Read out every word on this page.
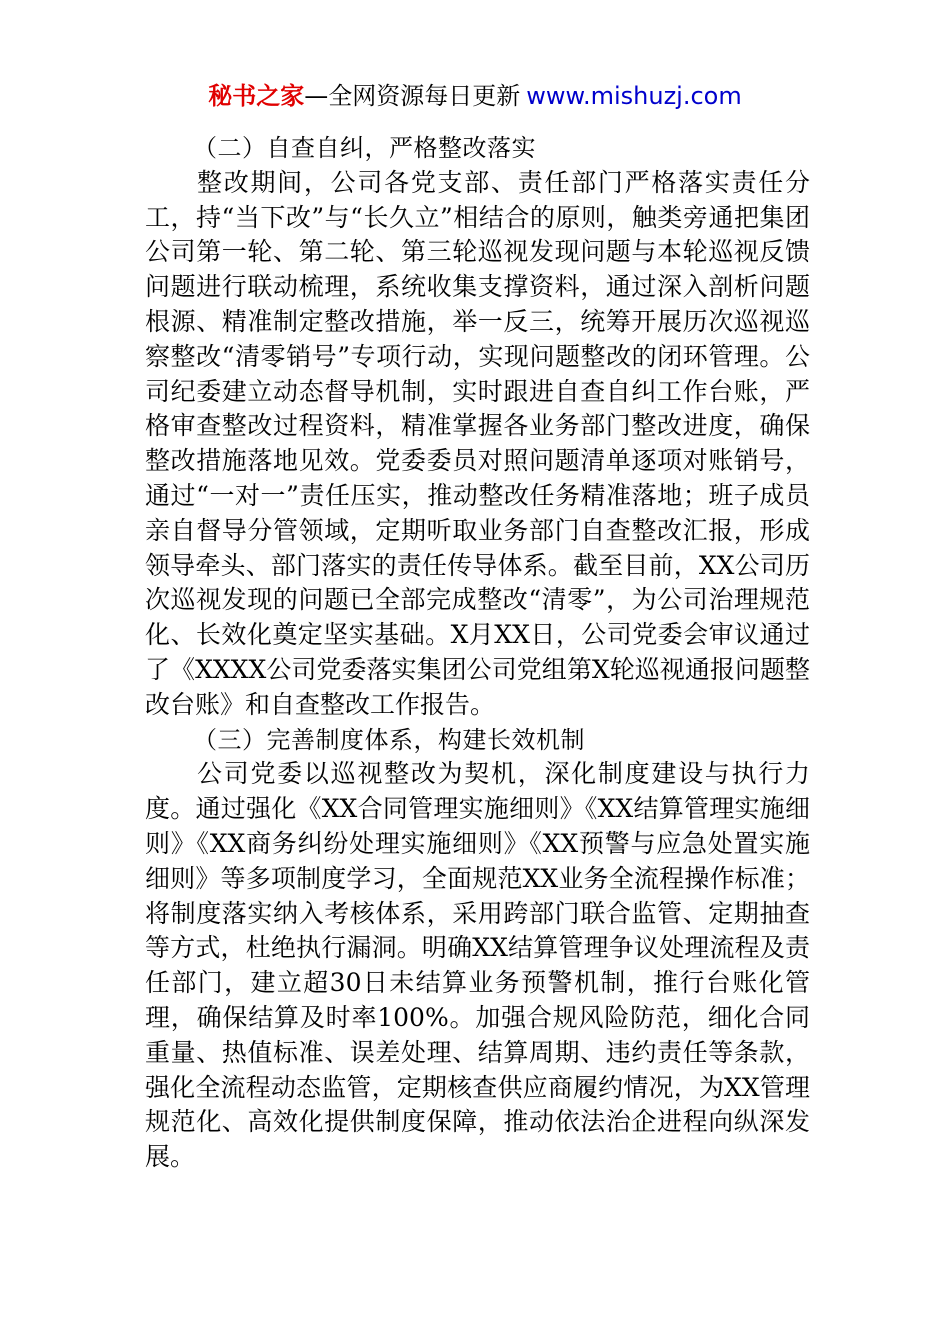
秘书之家—全网资源每日更新 www.mishuzj.com

（二）自查自纠，严格整改落实

整改期间，公司各党支部、责任部门严格落实责任分工，持“当下改”与“长久立”相结合的原则，触类旁通把集团公司第一轮、第二轮、第三轮巡视发现问题与本轮巡视反馈问题进行联动梳理，系统收集支撑资料，通过深入剖析问题根源、精准制定整改措施，举一反三，统筹开展历次巡视巡察整改“清零销号”专项行动，实现问题整改的闭环管理。公司纪委建立动态督导机制，实时跟进自查自纠工作台账，严格审查整改过程资料，精准掌握各业务部门整改进度，确保整改措施落地见效。党委委员对照问题清单逐项对账销号，通过“一对一”责任压实，推动整改任务精准落地；班子成员亲自督导分管领域，定期听取业务部门自查整改汇报，形成领导牵头、部门落实的责任传导体系。截至目前，XX公司历次巡视发现的问题已全部完成整改“清零”，为公司治理规范化、长效化奠定坚实基础。X月XX日，公司党委会审议通过了《XXXX公司党委落实集团公司党组第X轮巡视通报问题整改台账》和自查整改工作报告。

（三）完善制度体系，构建长效机制

公司党委以巡视整改为契机，深化制度建设与执行力度。通过强化《XX合同管理实施细则》《XX结算管理实施细则》《XX商务纠纷处理实施细则》《XX预警与应急处置实施细则》等多项制度学习，全面规范XX业务全流程操作标准；将制度落实纳入考核体系，采用跨部门联合监管、定期抽查等方式，杜绝执行漏洞。明确XX结算管理争议处理流程及责任部门，建立超30日未结算业务预警机制，推行台账化管理，确保结算及时率100%。加强合规风险防范，细化合同重量、热值标准、误差处理、结算周期、违约责任等条款，强化全流程动态监管，定期核查供应商履约情况，为XX管理规范化、高效化提供制度保障，推动依法治企进程向纵深发展。
